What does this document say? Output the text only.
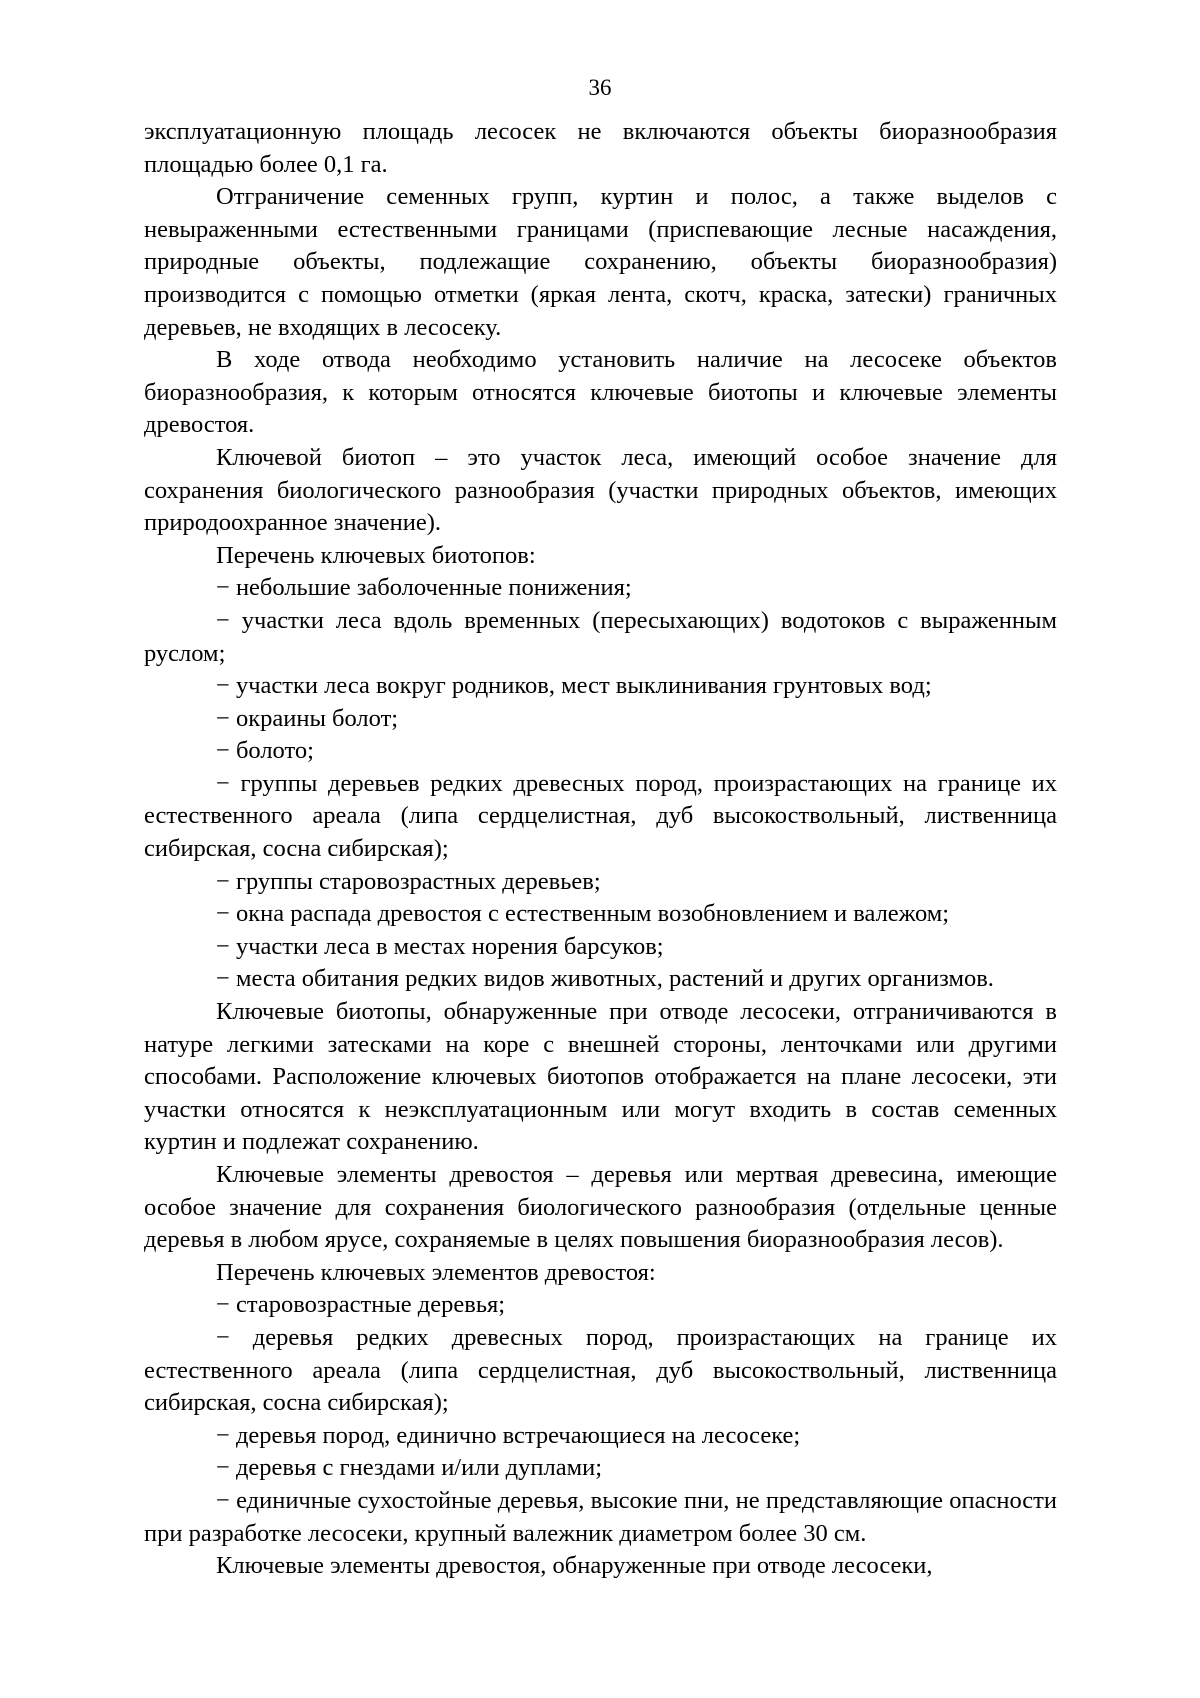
36

эксплуатационную площадь лесосек не включаются объекты биоразнообразия площадью более 0,1 га.

Отграничение семенных групп, куртин и полос, а также выделов с невыраженными естественными границами (приспевающие лесные насаждения, природные объекты, подлежащие сохранению, объекты биоразнообразия) производится с помощью отметки (яркая лента, скотч, краска, затески) граничных деревьев, не входящих в лесосеку.

В ходе отвода необходимо установить наличие на лесосеке объектов биоразнообразия, к которым относятся ключевые биотопы и ключевые элементы древостоя.

Ключевой биотоп – это участок леса, имеющий особое значение для сохранения биологического разнообразия (участки природных объектов, имеющих природоохранное значение).

Перечень ключевых биотопов:

− небольшие заболоченные понижения;

− участки леса вдоль временных (пересыхающих) водотоков с выраженным руслом;

− участки леса вокруг родников, мест выклинивания грунтовых вод;

− окраины болот;

− болото;

− группы деревьев редких древесных пород, произрастающих на границе их естественного ареала (липа сердцелистная, дуб высокоствольный, лиственница сибирская, сосна сибирская);

− группы старовозрастных деревьев;

− окна распада древостоя с естественным возобновлением и валежом;

− участки леса в местах норения барсуков;

− места обитания редких видов животных, растений и других организмов.

Ключевые биотопы, обнаруженные при отводе лесосеки, отграничиваются в натуре легкими затесками на коре с внешней стороны, ленточками или другими способами. Расположение ключевых биотопов отображается на плане лесосеки, эти участки относятся к неэксплуатационным или могут входить в состав семенных куртин и подлежат сохранению.

Ключевые элементы древостоя – деревья или мертвая древесина, имеющие особое значение для сохранения биологического разнообразия (отдельные ценные деревья в любом ярусе, сохраняемые в целях повышения биоразнообразия лесов).

Перечень ключевых элементов древостоя:

− старовозрастные деревья;

− деревья редких древесных пород, произрастающих на границе их естественного ареала (липа сердцелистная, дуб высокоствольный, лиственница сибирская, сосна сибирская);

− деревья пород, единично встречающиеся на лесосеке;

− деревья с гнездами и/или дуплами;

− единичные сухостойные деревья, высокие пни, не представляющие опасности при разработке лесосеки, крупный валежник диаметром более 30 см.

Ключевые элементы древостоя, обнаруженные при отводе лесосеки,
